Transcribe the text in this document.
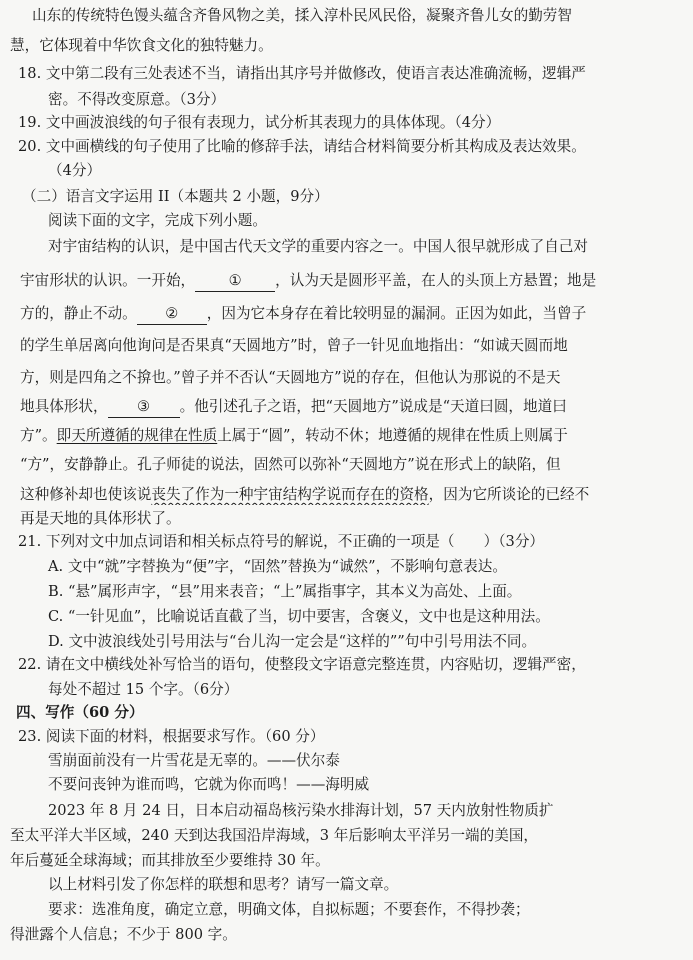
山东的传统特色馒头蕴含齐鲁风物之美，揉入淳朴民风民俗，凝聚齐鲁儿女的勤劳智
慧，它体现着中华饮食文化的独特魅力。
18. 文中第二段有三处表述不当，请指出其序号并做修改，使语言表达准确流畅，逻辑严
密。不得改变原意。（3分）
19. 文中画波浪线的句子很有表现力，试分析其表现力的具体体现。（4分）
20. 文中画横线的句子使用了比喻的修辞手法，请结合材料简要分析其构成及表达效果。
（4分）
（二）语言文字运用 II（本题共 2 小题，9分）
阅读下面的文字，完成下列小题。
对宇宙结构的认识，是中国古代天文学的重要内容之一。中国人很早就形成了自己对
宇宙形状的认识。一开始， ① ，认为天是圆形平盖，在人的头顶上方悬置；地是
方的，静止不动。 ② ，因为它本身存在着比较明显的漏洞。正因为如此，当曾子
的学生单居离向他询问是否果真“天圆地方”时，曾子一针见血地指出：“如诚天圆而地
方，则是四角之不揜也。”曾子并不否认“天圆地方”说的存在，但他认为那说的不是天
地具体形状， ③ 。他引述孔子之语，把“天圆地方”说成是“天道曰圆，地道曰
方”。即天所遵循的规律在性质上属于“圆”，转动不休；地遵循的规律在性质上则属于
“方”，安静静止。孔子师徒的说法，固然可以弥补“天圆地方”说在形式上的缺陷，但
这种修补却也使该说丧失了作为一种宇宙结构学说而存在的资格，因为它所谈论的已经不
再是天地的具体形状了。
21. 下列对文中加点词语和相关标点符号的解说，不正确的一项是（　　）（3分）
A. 文中“就”字替换为“便”字，“固然”替换为“诚然”，不影响句意表达。
B. “悬”属形声字，“县”用来表音；“上”属指事字，其本义为高处、上面。
C. “一针见血”，比喻说话直截了当，切中要害，含褒义，文中也是这种用法。
D. 文中波浪线处引号用法与“台儿沟一定会是“这样的””句中引号用法不同。
22. 请在文中横线处补写恰当的语句，使整段文字语意完整连贯，内容贴切，逻辑严密，
每处不超过 15 个字。（6分）
四、写作（60 分）
23. 阅读下面的材料，根据要求写作。（60 分）
雪崩面前没有一片雪花是无辜的。——伏尔泰
不要问丧钟为谁而鸣，它就为你而鸣！——海明威
2023 年 8 月 24 日，日本启动福岛核污染水排海计划，57 天内放射性物质扩
至太平洋大半区域，240 天到达我国沿岸海域，3 年后影响太平洋另一端的美国，
年后蔓延全球海域；而其排放至少要维持 30 年。
以上材料引发了你怎样的联想和思考？请写一篇文章。
要求：选准角度，确定立意，明确文体，自拟标题；不要套作，不得抄袭；
得泄露个人信息；不少于 800 字。
